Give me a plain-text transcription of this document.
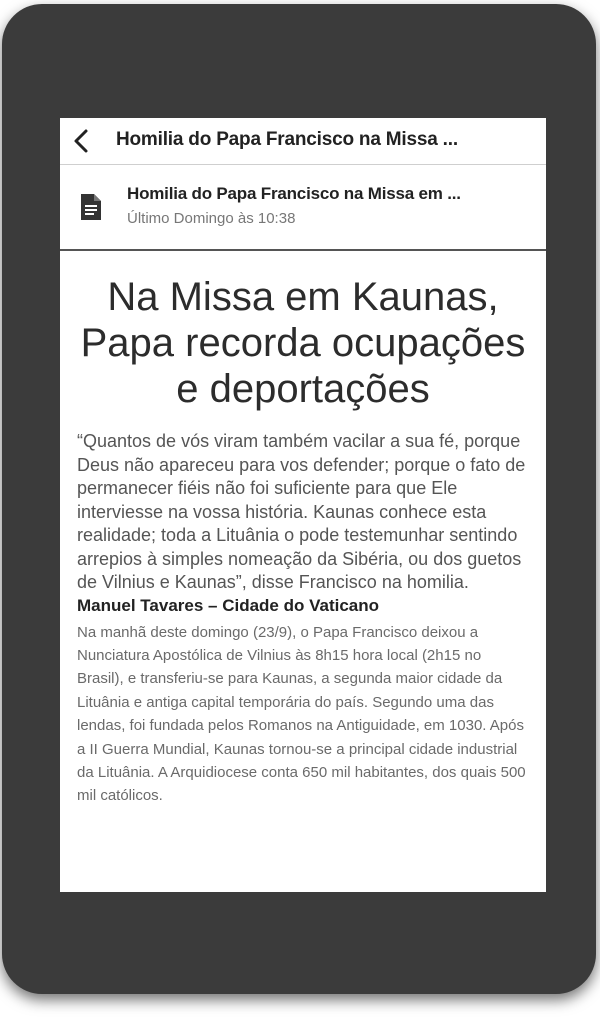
Homilia do Papa Francisco na Missa ...
Homilia do Papa Francisco na Missa em ...
Último Domingo às 10:38
Na Missa em Kaunas, Papa recorda ocupações e deportações

“Quantos de vós viram também vacilar a sua fé, porque Deus não apareceu para vos defender; porque o fato de permanecer fiéis não foi suficiente para que Ele interviesse na vossa história. Kaunas conhece esta realidade; toda a Lituânia o pode testemunhar sentindo arrepios à simples nomeação da Sibéria, ou dos guetos de Vilnius e Kaunas”, disse Francisco na homilia.

Manuel Tavares – Cidade do Vaticano

Na manhã deste domingo (23/9), o Papa Francisco deixou a Nunciatura Apostólica de Vilnius às 8h15 hora local (2h15 no Brasil), e transferiu-se para Kaunas, a segunda maior cidade da Lituânia e antiga capital temporária do país. Segundo uma das lendas, foi fundada pelos Romanos na Antiguidade, em 1030. Após a II Guerra Mundial, Kaunas tornou-se a principal cidade industrial da Lituânia. A Arquidiocese conta 650 mil habitantes, dos quais 500 mil católicos.
